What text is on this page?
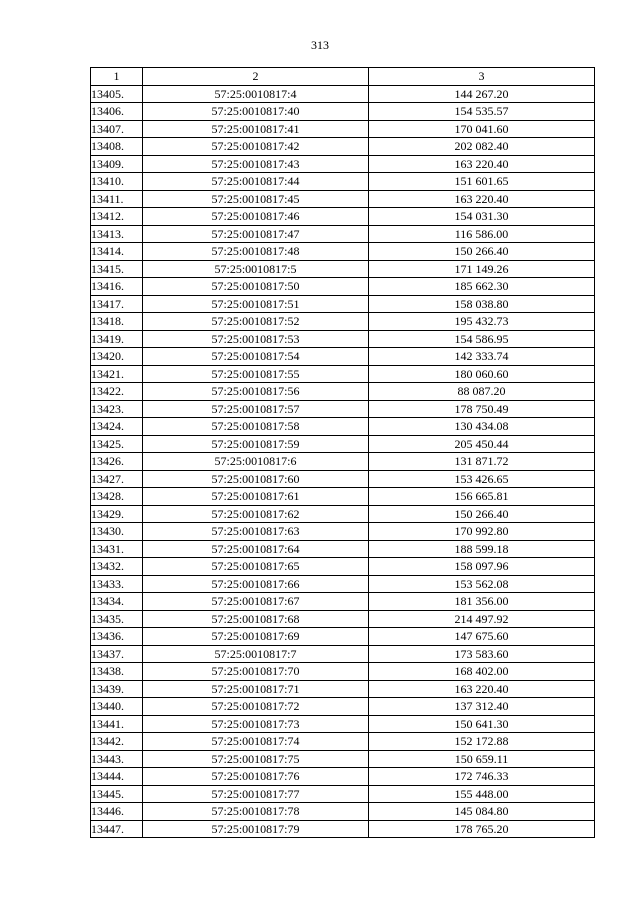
313
1	2	3
13405.	57:25:0010817:4	144 267.20
13406.	57:25:0010817:40	154 535.57
13407.	57:25:0010817:41	170 041.60
13408.	57:25:0010817:42	202 082.40
13409.	57:25:0010817:43	163 220.40
13410.	57:25:0010817:44	151 601.65
13411.	57:25:0010817:45	163 220.40
13412.	57:25:0010817:46	154 031.30
13413.	57:25:0010817:47	116 586.00
13414.	57:25:0010817:48	150 266.40
13415.	57:25:0010817:5	171 149.26
13416.	57:25:0010817:50	185 662.30
13417.	57:25:0010817:51	158 038.80
13418.	57:25:0010817:52	195 432.73
13419.	57:25:0010817:53	154 586.95
13420.	57:25:0010817:54	142 333.74
13421.	57:25:0010817:55	180 060.60
13422.	57:25:0010817:56	88 087.20
13423.	57:25:0010817:57	178 750.49
13424.	57:25:0010817:58	130 434.08
13425.	57:25:0010817:59	205 450.44
13426.	57:25:0010817:6	131 871.72
13427.	57:25:0010817:60	153 426.65
13428.	57:25:0010817:61	156 665.81
13429.	57:25:0010817:62	150 266.40
13430.	57:25:0010817:63	170 992.80
13431.	57:25:0010817:64	188 599.18
13432.	57:25:0010817:65	158 097.96
13433.	57:25:0010817:66	153 562.08
13434.	57:25:0010817:67	181 356.00
13435.	57:25:0010817:68	214 497.92
13436.	57:25:0010817:69	147 675.60
13437.	57:25:0010817:7	173 583.60
13438.	57:25:0010817:70	168 402.00
13439.	57:25:0010817:71	163 220.40
13440.	57:25:0010817:72	137 312.40
13441.	57:25:0010817:73	150 641.30
13442.	57:25:0010817:74	152 172.88
13443.	57:25:0010817:75	150 659.11
13444.	57:25:0010817:76	172 746.33
13445.	57:25:0010817:77	155 448.00
13446.	57:25:0010817:78	145 084.80
13447.	57:25:0010817:79	178 765.20
